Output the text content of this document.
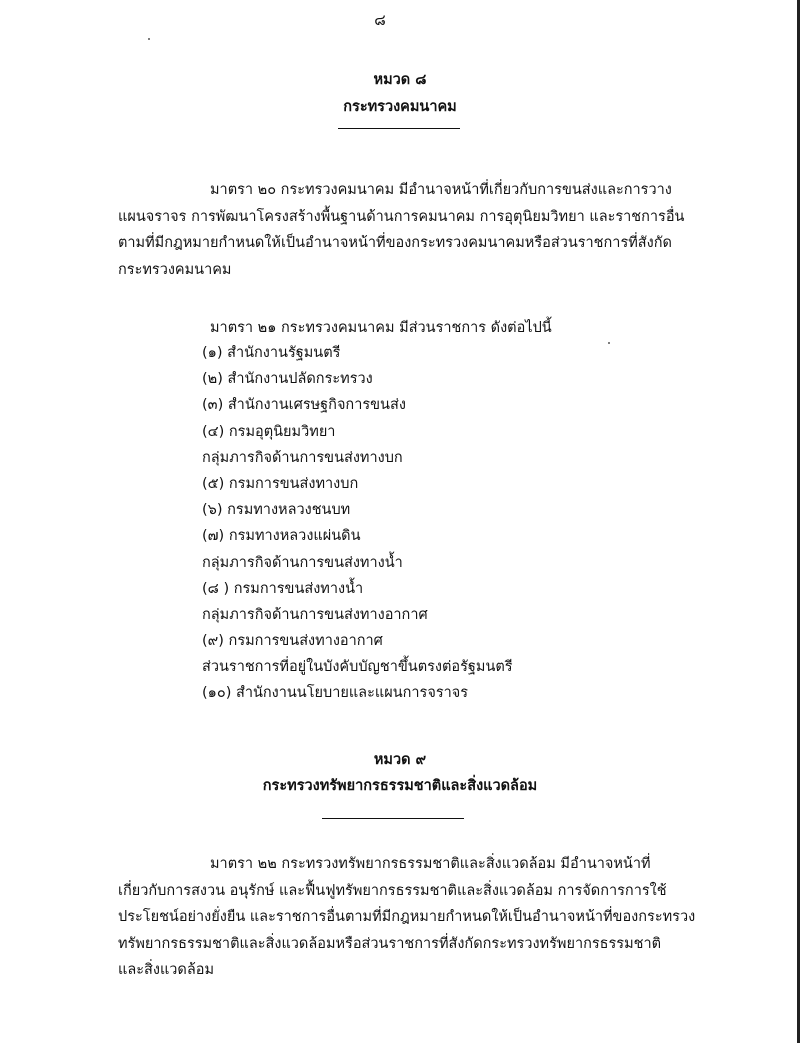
๘
หมวด ๘
กระทรวงคมนาคม
มาตรา ๒๐ กระทรวงคมนาคม มีอำนาจหน้าที่เกี่ยวกับการขนส่งและการวาง
แผนจราจร การพัฒนาโครงสร้างพื้นฐานด้านการคมนาคม การอุตุนิยมวิทยา และราชการอื่น
ตามที่มีกฎหมายกำหนดให้เป็นอำนาจหน้าที่ของกระทรวงคมนาคมหรือส่วนราชการที่สังกัด
กระทรวงคมนาคม
มาตรา ๒๑ กระทรวงคมนาคม มีส่วนราชการ ดังต่อไปนี้
(๑) สำนักงานรัฐมนตรี
(๒) สำนักงานปลัดกระทรวง
(๓) สำนักงานเศรษฐกิจการขนส่ง
(๔) กรมอุตุนิยมวิทยา
กลุ่มภารกิจด้านการขนส่งทางบก
(๕) กรมการขนส่งทางบก
(๖) กรมทางหลวงชนบท
(๗) กรมทางหลวงแผ่นดิน
กลุ่มภารกิจด้านการขนส่งทางน้ำ
(๘ ) กรมการขนส่งทางน้ำ
กลุ่มภารกิจด้านการขนส่งทางอากาศ
(๙) กรมการขนส่งทางอากาศ
ส่วนราชการที่อยู่ในบังคับบัญชาขึ้นตรงต่อรัฐมนตรี
(๑๐) สำนักงานนโยบายและแผนการจราจร
หมวด ๙
กระทรวงทรัพยากรธรรมชาติและสิ่งแวดล้อม
มาตรา ๒๒ กระทรวงทรัพยากรธรรมชาติและสิ่งแวดล้อม มีอำนาจหน้าที่
เกี่ยวกับการสงวน อนุรักษ์ และฟื้นฟูทรัพยากรธรรมชาติและสิ่งแวดล้อม การจัดการการใช้
ประโยชน์อย่างยั่งยืน และราชการอื่นตามที่มีกฎหมายกำหนดให้เป็นอำนาจหน้าที่ของกระทรวง
ทรัพยากรธรรมชาติและสิ่งแวดล้อมหรือส่วนราชการที่สังกัดกระทรวงทรัพยากรธรรมชาติ
และสิ่งแวดล้อม
